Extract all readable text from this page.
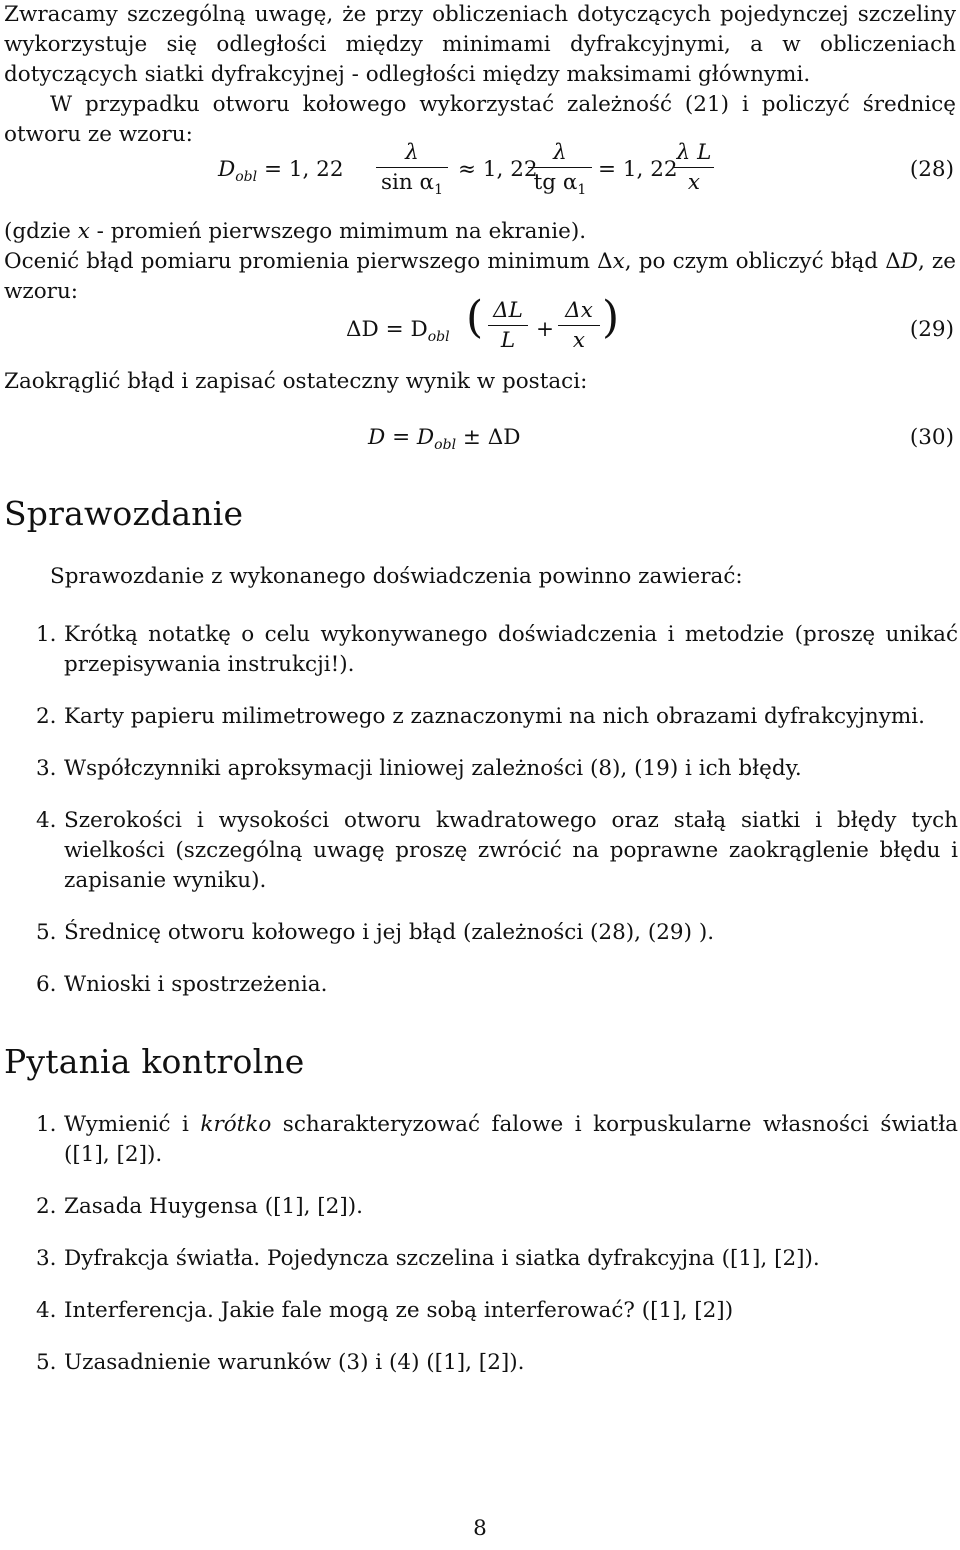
Zwracamy szczególną uwagę, że przy obliczeniach dotyczących pojedynczej szczeliny wykorzystuje się odległości między minimami dyfrakcyjnymi, a w obliczeniach dotyczących siatki dyfrakcyjnej - odległości między maksimami głównymi.
W przypadku otworu kołowego wykorzystać zależność (21) i policzyć średnicę otworu ze wzoru:
$D_{obl} = 1$, 22
λ
$\sin \alpha_1$
≈ 1, 22
λ
tg $\alpha_1$
= 1, 22
λ L
x
(28)
(gdzie x - promień pierwszego mimimum na ekranie).
Ocenić błąd pomiaru promienia pierwszego minimum Δx, po czym obliczyć błąd ΔD, ze wzoru:
$\Delta D = D_{obl}$ ( ΔL
L +
Δx
x )	(29)
Zaokrąglić błąd i zapisać ostateczny wynik w postaci:
$D = D_{obl} \pm \Delta D$	(30)
Sprawozdanie
Sprawozdanie z wykonanego doświadczenia powinno zawierać:
1. Krótką notatkę o celu wykonywanego doświadczenia i metodzie (proszę unikać przepisywania instrukcji!).
2. Karty papieru milimetrowego z zaznaczonymi na nich obrazami dyfrakcyjnymi.
3. Współczynniki aproksymacji liniowej zależności (8), (19) i ich błędy.
4. Szerokości i wysokości otworu kwadratowego oraz stałą siatki i błędy tych wielkości (szczególną uwagę proszę zwrócić na poprawne zaokrąglenie błędu i zapisanie wyniku).
5. Średnicę otworu kołowego i jej błąd (zależności (28), (29) ).
6. Wnioski i spostrzeżenia.
Pytania kontrolne
1. Wymienić i krótko scharakteryzować falowe i korpuskularne własności światła ([1], [2]).
2. Zasada Huygensa ([1], [2]).
3. Dyfrakcja światła. Pojedyncza szczelina i siatka dyfrakcyjna ([1], [2]).
4. Interferencja. Jakie fale mogą ze sobą interferować? ([1], [2])
5. Uzasadnienie warunków (3) i (4) ([1], [2]).
8
